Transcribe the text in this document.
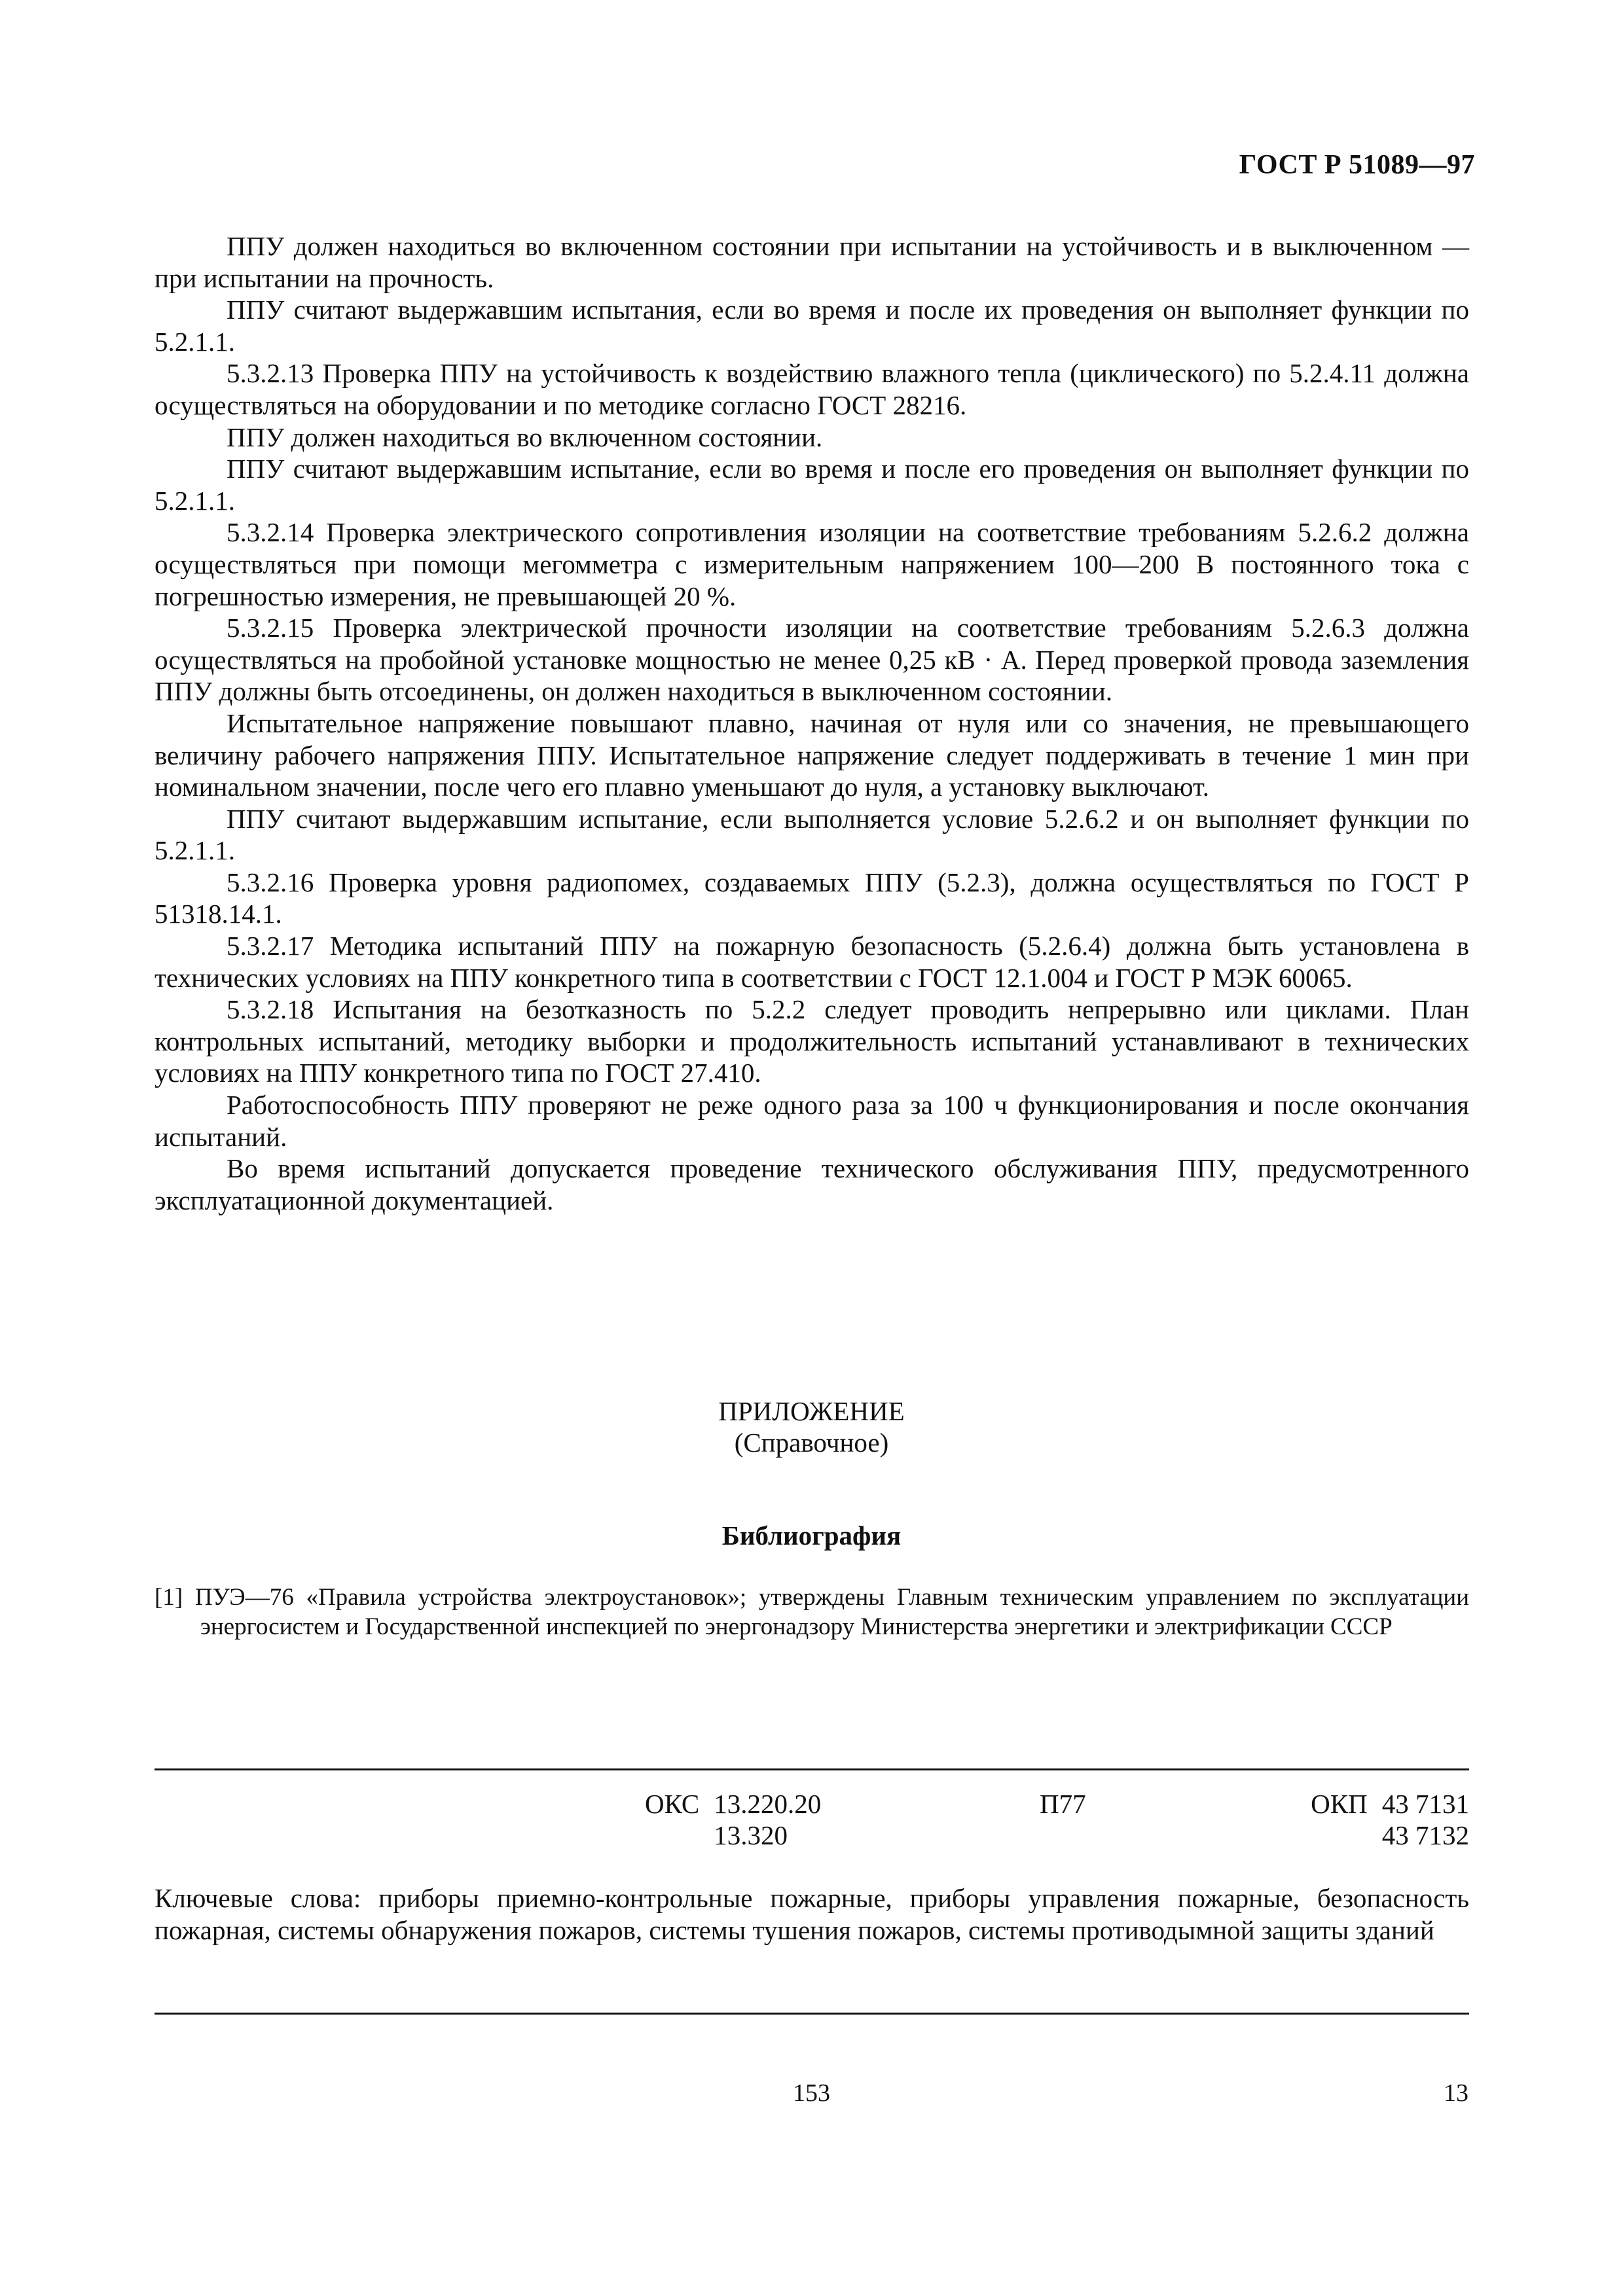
ГОСТ Р 51089—97

ППУ должен находиться во включенном состоянии при испытании на устойчивость и в выключенном — при испытании на прочность.

ППУ считают выдержавшим испытания, если во время и после их проведения он выполняет функции по 5.2.1.1.

5.3.2.13 Проверка ППУ на устойчивость к воздействию влажного тепла (циклического) по 5.2.4.11 должна осуществляться на оборудовании и по методике согласно ГОСТ 28216.

ППУ должен находиться во включенном состоянии.

ППУ считают выдержавшим испытание, если во время и после его проведения он выполняет функции по 5.2.1.1.

5.3.2.14 Проверка электрического сопротивления изоляции на соответствие требованиям 5.2.6.2 должна осуществляться при помощи мегомметра с измерительным напряжением 100—200 В постоянного тока с погрешностью измерения, не превышающей 20 %.

5.3.2.15 Проверка электрической прочности изоляции на соответствие требованиям 5.2.6.3 должна осуществляться на пробойной установке мощностью не менее 0,25 кВ · А. Перед проверкой провода заземления ППУ должны быть отсоединены, он должен находиться в выключенном состоянии.

Испытательное напряжение повышают плавно, начиная от нуля или со значения, не превышающего величину рабочего напряжения ППУ. Испытательное напряжение следует поддерживать в течение 1 мин при номинальном значении, после чего его плавно уменьшают до нуля, а установку выключают.

ППУ считают выдержавшим испытание, если выполняется условие 5.2.6.2 и он выполняет функции по 5.2.1.1.

5.3.2.16 Проверка уровня радиопомех, создаваемых ППУ (5.2.3), должна осуществляться по ГОСТ Р 51318.14.1.

5.3.2.17 Методика испытаний ППУ на пожарную безопасность (5.2.6.4) должна быть установлена в технических условиях на ППУ конкретного типа в соответствии с ГОСТ 12.1.004 и ГОСТ Р МЭК 60065.

5.3.2.18 Испытания на безотказность по 5.2.2 следует проводить непрерывно или циклами. План контрольных испытаний, методику выборки и продолжительность испытаний устанавливают в технических условиях на ППУ конкретного типа по ГОСТ 27.410.

Работоспособность ППУ проверяют не реже одного раза за 100 ч функционирования и после окончания испытаний.

Во время испытаний допускается проведение технического обслуживания ППУ, предусмотренного эксплуатационной документацией.

ПРИЛОЖЕНИЕ
(Справочное)
Библиография
[1] ПУЭ—76 «Правила устройства электроустановок»; утверждены Главным техническим управлением по эксплуатации энергосистем и Государственной инспекцией по энергонадзору Министерства энергетики и электрификации СССР
ОКС 13.220.20
13.320
П77	ОКП 43 7131
43 7132
Ключевые слова: приборы приемно-контрольные пожарные, приборы управления пожарные, безопасность пожарная, системы обнаружения пожаров, системы тушения пожаров, системы противодымной защиты зданий
153	13
